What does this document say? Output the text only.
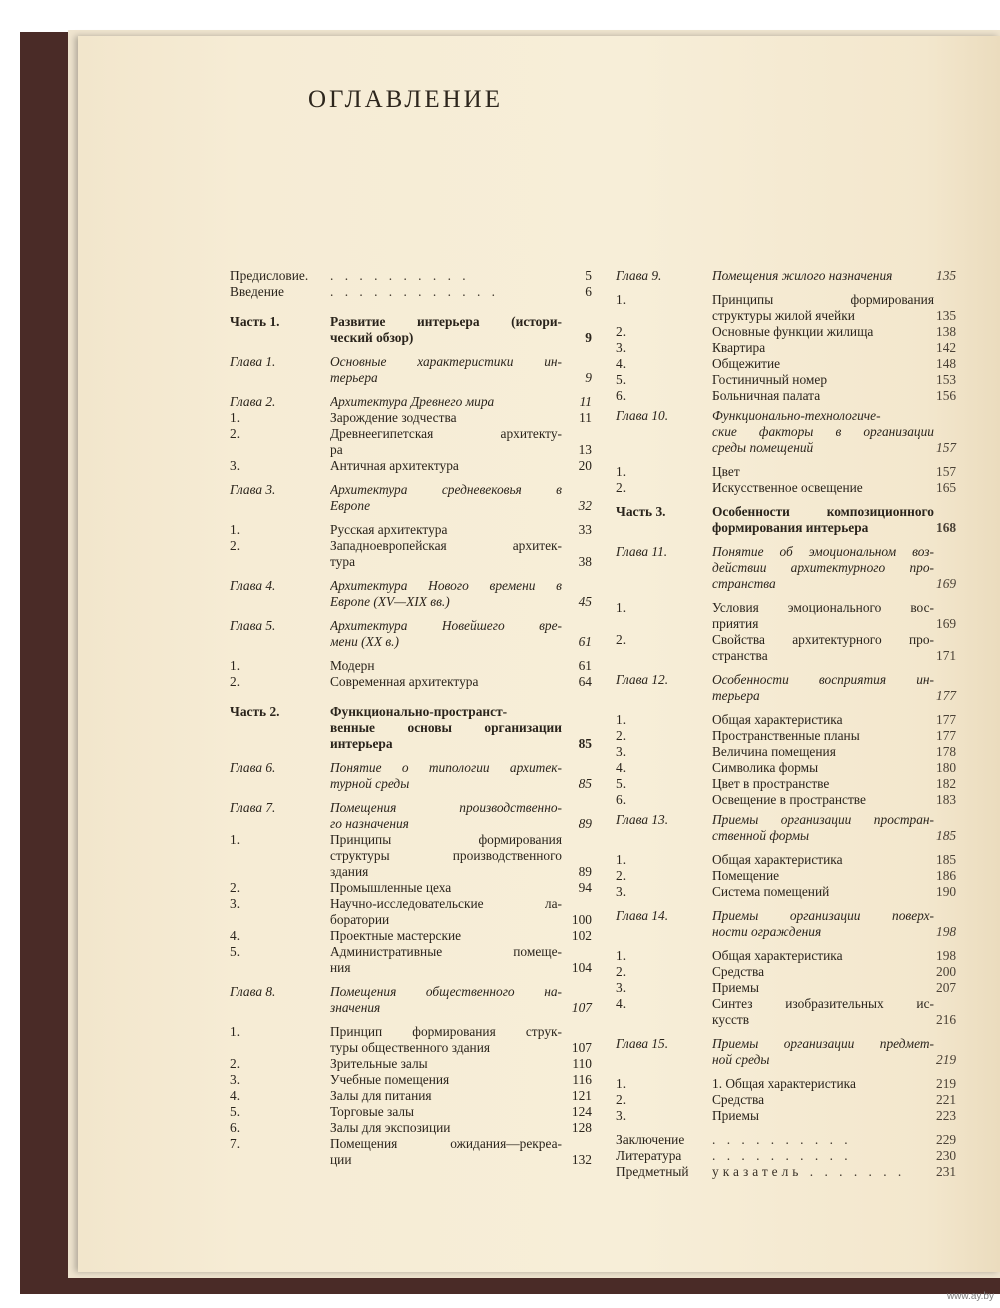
ОГЛАВЛЕНИЕ
Предисловие.	. . . . . . . . . .	5
Введение	. . . . . . . . . . . .	6
Часть 1.	Развитие интерьера (истори-
ческий обзор)	9
Глава 1.	Основные характеристики ин-
терьера	9
Глава 2.	Архитектура Древнего мира	11
1.	Зарождение зодчества	11
2.	Древнеегипетская архитекту-
ра	13
3.	Античная архитектура	20
Глава 3.	Архитектура средневековья в
Европе	32
1.	Русская архитектура	33
2.	Западноевропейская архитек-
тура	38
Глава 4.	Архитектура Нового времени в
Европе (XV—XIX вв.)	45
Глава 5.	Архитектура Новейшего вре-
мени (XX в.)	61
1.	Модерн	61
2.	Современная архитектура	64
Часть 2.	Функционально-пространст-
венные основы организации
интерьера	85
Глава 6.	Понятие о типологии архитек-
турной среды	85
Глава 7.	Помещения производственно-
го назначения	89
1.	Принципы формирования
структуры производственного
здания	89
2.	Промышленные цеха	94
3.	Научно-исследовательские ла-
боратории	100
4.	Проектные мастерские	102
5.	Административные помеще-
ния	104
Глава 8.	Помещения общественного на-
значения	107
1.	Принцип формирования струк-
туры общественного здания	107
2.	Зрительные залы	110
3.	Учебные помещения	116
4.	Залы для питания	121
5.	Торговые залы	124
6.	Залы для экспозиции	128
7.	Помещения ожидания—рекреа-
ции	132
Глава 9.	Помещения жилого назначения	135
1.	Принципы формирования
структуры жилой ячейки	135
2.	Основные функции жилища	138
3.	Квартира	142
4.	Общежитие	148
5.	Гостиничный номер	153
6.	Больничная палата	156
Глава 10.	Функционально-технологиче-
ские факторы в организации
среды помещений	157
1.	Цвет	157
2.	Искусственное освещение	165
Часть 3.	Особенности композиционного
формирования интерьера	168
Глава 11.	Понятие об эмоциональном воз-
действии архитектурного про-
странства	169
1.	Условия эмоционального вос-
приятия	169
2.	Свойства архитектурного про-
странства	171
Глава 12.	Особенности восприятия ин-
терьера	177
1.	Общая характеристика	177
2.	Пространственные планы	177
3.	Величина помещения	178
4.	Символика формы	180
5.	Цвет в пространстве	182
6.	Освещение в пространстве	183
Глава 13.	Приемы организации простран-
ственной формы	185
1.	Общая характеристика	185
2.	Помещение	186
3.	Система помещений	190
Глава 14.	Приемы организации поверх-
ности ограждения	198
1.	Общая характеристика	198
2.	Средства	200
3.	Приемы	207
4.	Синтез изобразительных ис-
кусств	216
Глава 15.	Приемы организации предмет-
ной среды	219
1.	1. Общая характеристика	219
2.	Средства	221
3.	Приемы	223
Заключение	. . . . . . . . . .	229
Литература	. . . . . . . . . .	230
Предметный	указатель . . . . . . .	231
www.ay.by
